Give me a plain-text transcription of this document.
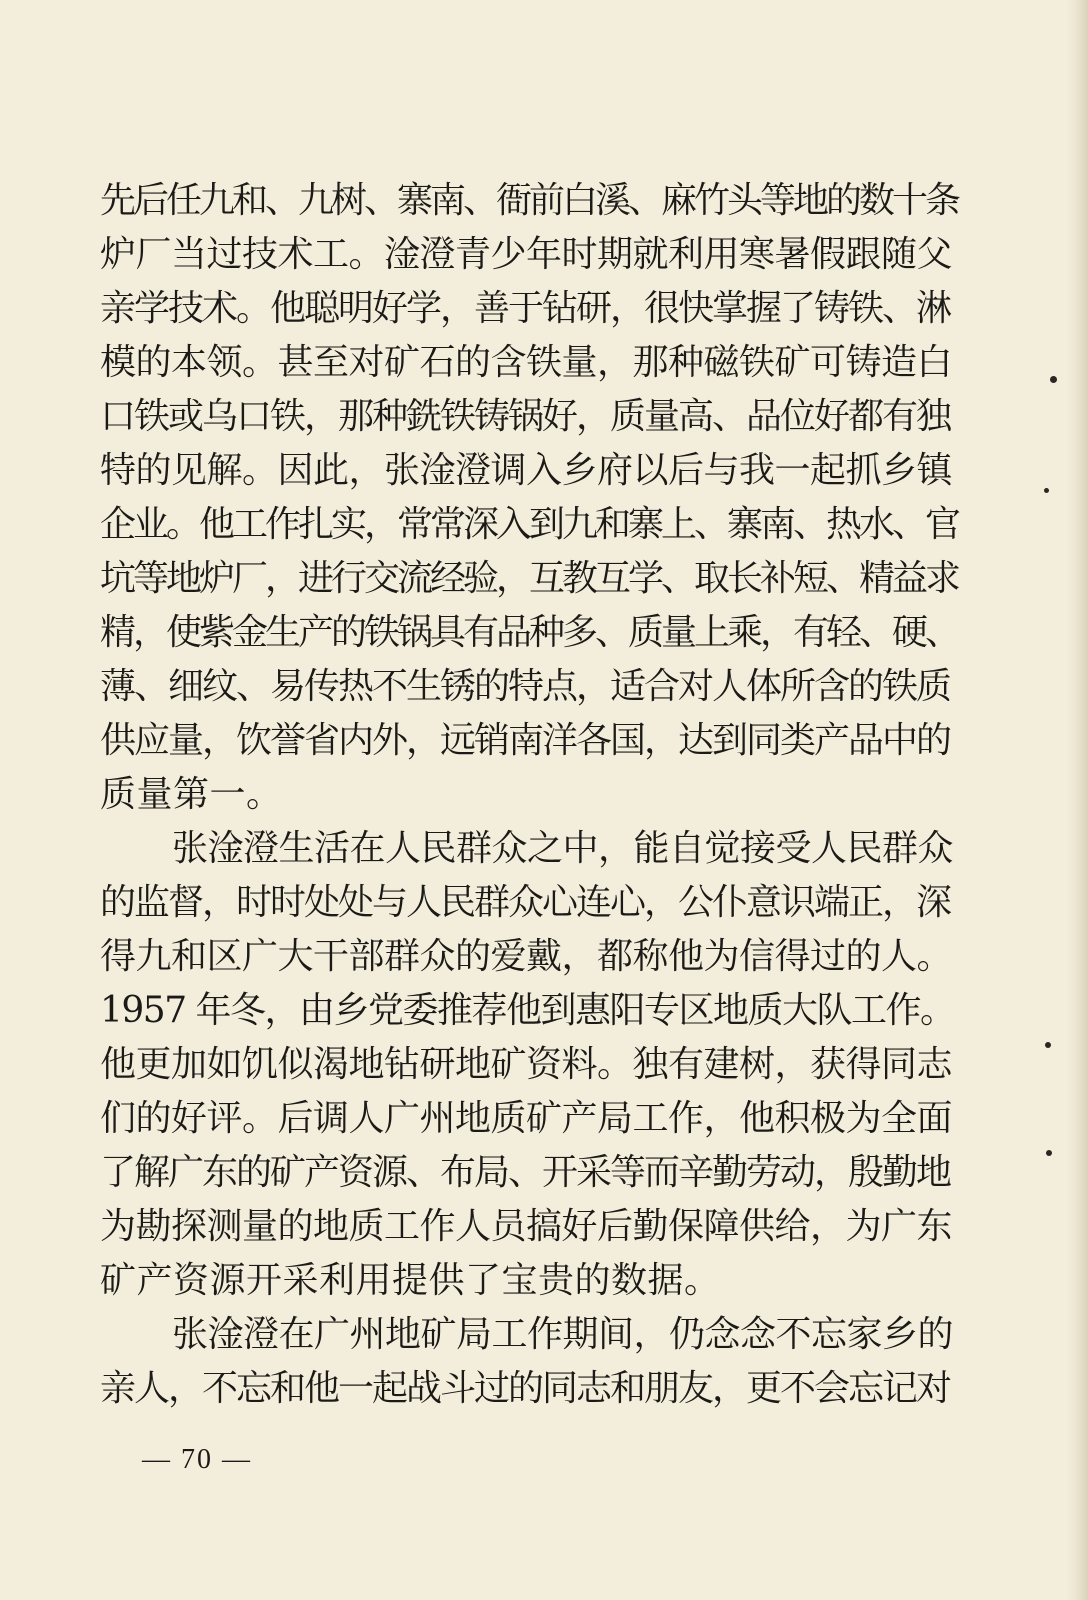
先后任九和、九树、寨南、衙前白溪、麻竹头等地的数十条
炉厂当过技术工。淦澄青少年时期就利用寒暑假跟随父
亲学技术。他聪明好学，善于钻研，很快掌握了铸铁、淋
模的本领。甚至对矿石的含铁量，那种磁铁矿可铸造白
口铁或乌口铁，那种銑铁铸锅好，质量高、品位好都有独
特的见解。因此，张淦澄调入乡府以后与我一起抓乡镇
企业。他工作扎实，常常深入到九和寨上、寨南、热水、官
坑等地炉厂，进行交流经验，互教互学、取长补短、精益求
精，使紫金生产的铁锅具有品种多、质量上乘，有轻、硬、
薄、细纹、易传热不生锈的特点，适合对人体所含的铁质
供应量，饮誉省内外，远销南洋各国，达到同类产品中的
质量第一。
张淦澄生活在人民群众之中，能自觉接受人民群众
的监督，时时处处与人民群众心连心，公仆意识端正，深
得九和区广大干部群众的爱戴，都称他为信得过的人。
1957 年冬，由乡党委推荐他到惠阳专区地质大队工作。
他更加如饥似渴地钻研地矿资料。独有建树，获得同志
们的好评。后调人广州地质矿产局工作，他积极为全面
了解广东的矿产资源、布局、开采等而辛勤劳动，殷勤地
为勘探测量的地质工作人员搞好后勤保障供给，为广东
矿产资源开采利用提供了宝贵的数据。
张淦澄在广州地矿局工作期间，仍念念不忘家乡的
亲人，不忘和他一起战斗过的同志和朋友，更不会忘记对
— 70 —
